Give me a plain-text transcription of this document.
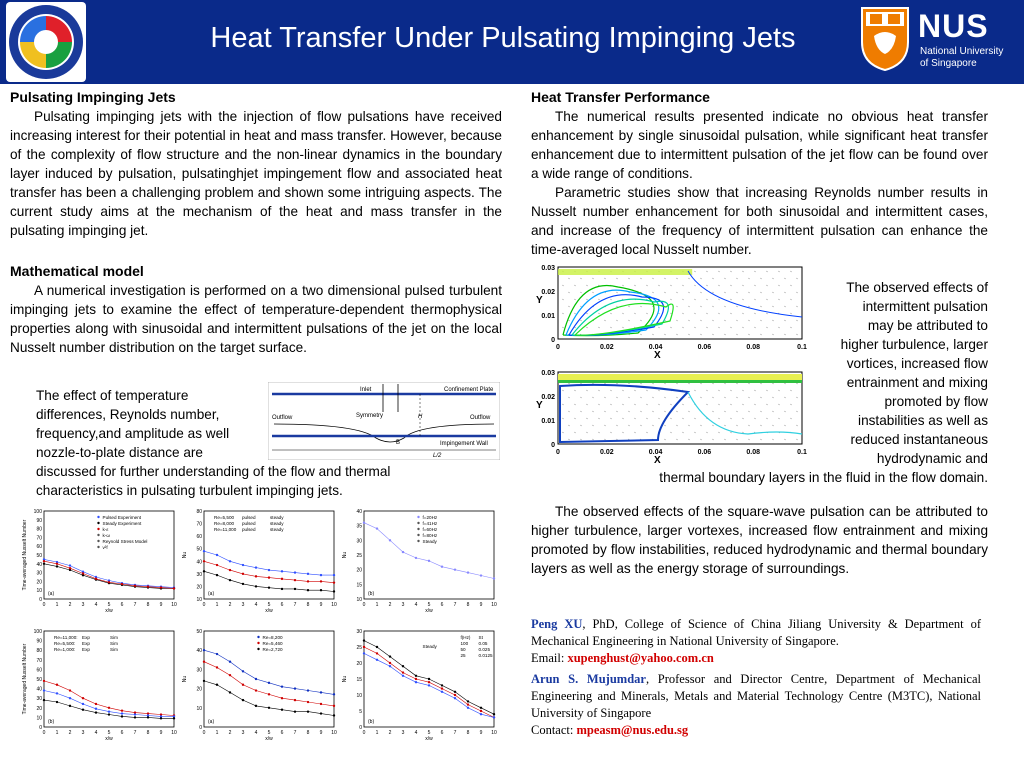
Heat Transfer Under Pulsating Impinging Jets	NUS
National University
of Singapore
Pulsating Impinging Jets
Pulsating impinging jets with the injection of flow pulsations have received increasing interest for their potential in heat and mass transfer. However, because of the complexity of flow structure and the non-linear dynamics in the boundary layer induced by pulsation, pulsatinghjet impingement flow and associated heat transfer has been a challenging problem and shown some intriguing aspects. The current study aims at the mechanism of the heat and mass transfer in the pulsating impinging jet.
Mathematical model
A numerical investigation is performed on a two dimensional pulsed turbulent impinging jets to examine the effect of temperature-dependent thermophysical properties along with sinusoidal and intermittent pulsations of the jet on the local Nusselt number distribution on the target surface.
The effect of temperature
differences, Reynolds number,
frequency,and amplitude as well
nozzle-to-plate distance are
discussed for further understanding of the flow and thermal
characteristics in pulsating turbulent impinging jets.
Inlet	Confinement Plate
Outflow	Symmetry	H	Outflow
B	Impingement Wall
L/2
0 1 2 3 4 5 6 7 8 9 10
0
10
20
30
40
50
60
70
80
90
100
x/w
Time-averaged Nusselt Number
(a)
Pulsed Experiment
Steady Experiment
k-ε
k-ω
Reynold Stress Model
v²f
0 1 2 3 4 5 6 7 8 9 10
10
20
30
40
50
60
70
80
x/w
Nu
(a)
Re=5,500 pulsed	steady
Re=8,000 pulsed	steady
Re=11,000 pulsed	steady
0 1 2 3 4 5 6 7 8 9 10
10
15
20
25
30
35
40
x/w
Nu
(b)
f=20Hz
f=41Hz
f=60Hz
f=80Hz
Steady
0 1 2 3 4 5 6 7 8 9 10
0
10
20
30
40
50
60
70
80
90
100
x/w
Time-averaged Nusselt Number
(b)
Re=11,000: Exp	Sim
Re=5,500: Exp	Sim
Re=1,000: Exp	Sim
0 1 2 3 4 5 6 7 8 9 10
0
10
20
30
40
50
x/w
Nu
(a)
Re=8,200
Re=5,460
Re=2,720
0 1 2 3 4 5 6 7 8 9 10
0
5
10
15
20
25
30
x/w
Nu
(b)
f(Hz) St
Steady
100 0.05
50	0.025
25	0.0125
Heat Transfer Performance
The numerical results presented indicate no obvious heat transfer enhancement by single sinusoidal pulsation, while significant heat transfer enhancement due to intermittent pulsation of the jet flow can be found over a wide range of conditions.
Parametric studies show that increasing Reynolds number results in Nusselt number enhancement for both sinusoidal and intermittent cases, and increase of the frequency of intermittent pulsation can enhance the time-averaged local Nusselt number.
0	0.02	0.04	0.06	0.08	0.1
0
0.01
0.02
0.03
X
Y
0	0.02	0.04	0.06	0.08	0.1
0
0.01
0.02
0.03
X
Y
The observed effects of
intermittent pulsation
may be attributed to
higher turbulence, larger
vortices, increased flow
entrainment and mixing
promoted by flow
instabilities as well as
reduced instantaneous
hydrodynamic and
thermal boundary layers in the fluid in the flow domain.
The observed effects of the square-wave pulsation can be attributed to higher turbulence, larger vortexes, increased flow entrainment and mixing promoted by flow instabilities, reduced hydrodynamic and thermal boundary layers as well as the energy storage of surroundings.
Peng XU, PhD, College of Science of China Jiliang University & Department of Mechanical Engineering in National University of Singapore.
Email: xupenghust@yahoo.com.cn
Arun S. Mujumdar, Professor and Director Centre, Department of Mechanical Engineering and Minerals, Metals and Material Technology Centre (M3TC), National University of Singapore
Contact: mpeasm@nus.edu.sg
